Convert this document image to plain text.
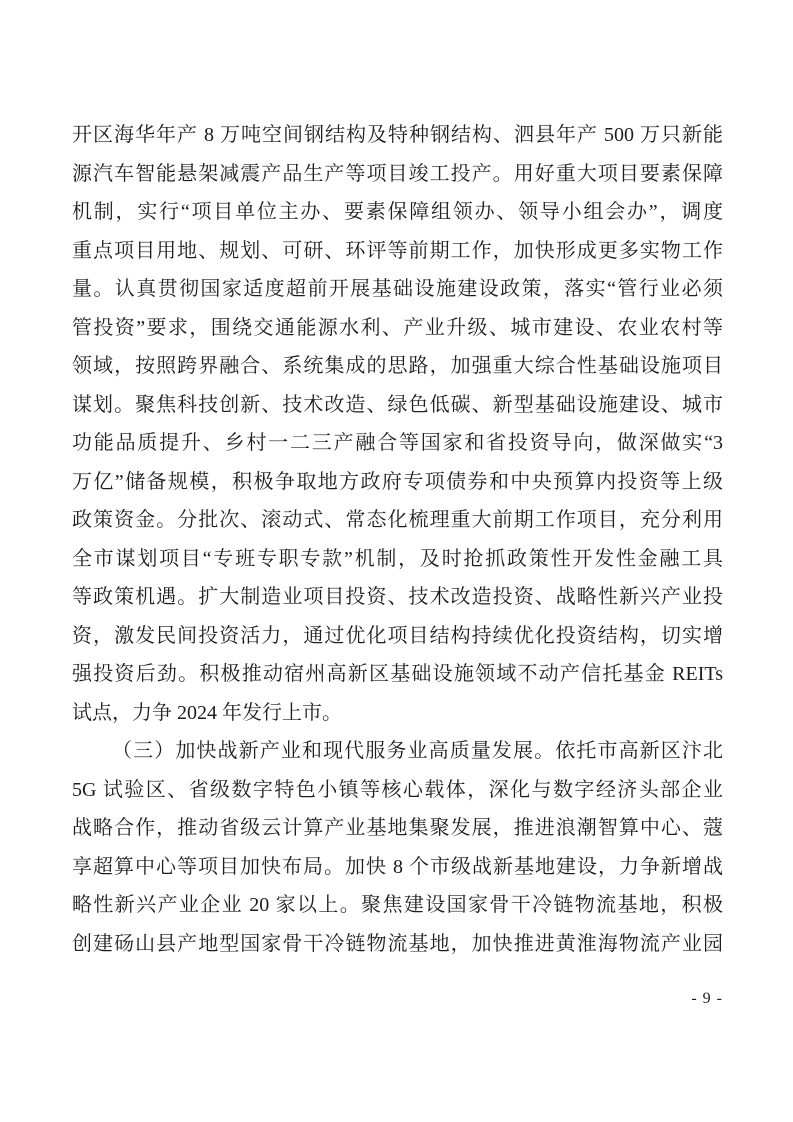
开区海华年产 8 万吨空间钢结构及特种钢结构、泗县年产 500 万只新能
源汽车智能悬架减震产品生产等项目竣工投产。用好重大项目要素保障
机制，实行“项目单位主办、要素保障组领办、领导小组会办”，调度
重点项目用地、规划、可研、环评等前期工作，加快形成更多实物工作
量。认真贯彻国家适度超前开展基础设施建设政策，落实“管行业必须
管投资”要求，围绕交通能源水利、产业升级、城市建设、农业农村等
领域，按照跨界融合、系统集成的思路，加强重大综合性基础设施项目
谋划。聚焦科技创新、技术改造、绿色低碳、新型基础设施建设、城市
功能品质提升、乡村一二三产融合等国家和省投资导向，做深做实“3
万亿”储备规模，积极争取地方政府专项债券和中央预算内投资等上级
政策资金。分批次、滚动式、常态化梳理重大前期工作项目，充分利用
全市谋划项目“专班专职专款”机制，及时抢抓政策性开发性金融工具
等政策机遇。扩大制造业项目投资、技术改造投资、战略性新兴产业投
资，激发民间投资活力，通过优化项目结构持续优化投资结构，切实增
强投资后劲。积极推动宿州高新区基础设施领域不动产信托基金 REITs
试点，力争 2024 年发行上市。
（三）加快战新产业和现代服务业高质量发展。依托市高新区汴北
5G 试验区、省级数字特色小镇等核心载体，深化与数字经济头部企业
战略合作，推动省级云计算产业基地集聚发展，推进浪潮智算中心、蔻
享超算中心等项目加快布局。加快 8 个市级战新基地建设，力争新增战
略性新兴产业企业 20 家以上。聚焦建设国家骨干冷链物流基地，积极
创建砀山县产地型国家骨干冷链物流基地，加快推进黄淮海物流产业园
- 9 -
